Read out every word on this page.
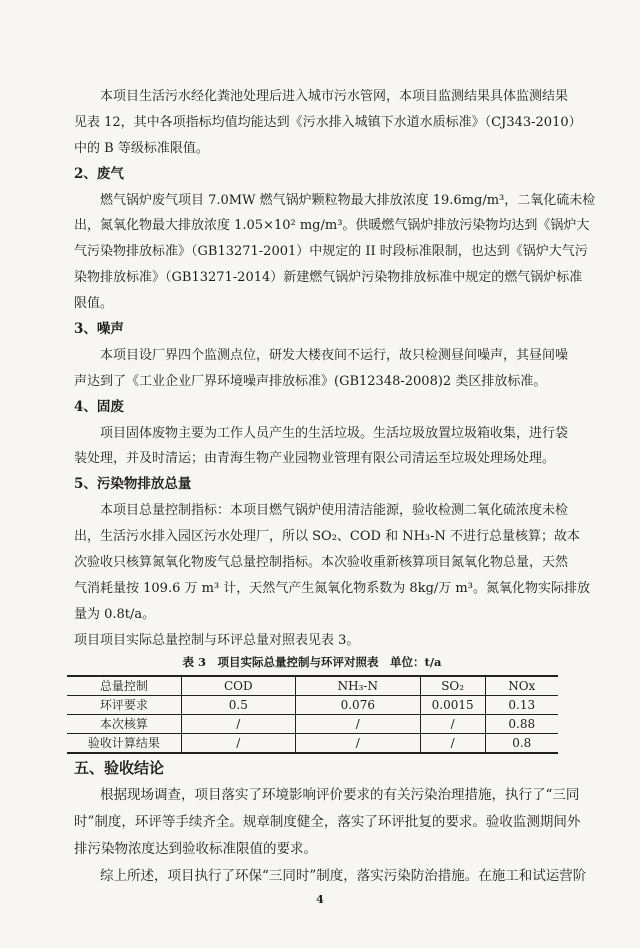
本项目生活污水经化粪池处理后进入城市污水管网，本项目监测结果具体监测结果
见表 12，其中各项指标均值均能达到《污水排入城镇下水道水质标准》（CJ343-2010）
中的 B 等级标准限值。
2、废气
燃气锅炉废气项目 7.0MW 燃气锅炉颗粒物最大排放浓度 19.6mg/m³，二氧化硫未检
出，氮氧化物最大排放浓度 1.05×10² mg/m³。供暖燃气锅炉排放污染物均达到《锅炉大
气污染物排放标准》（GB13271-2001）中规定的 II 时段标准限制，也达到《锅炉大气污
染物排放标准》（GB13271-2014）新建燃气锅炉污染物排放标准中规定的燃气锅炉标准
限值。
3、噪声
本项目设厂界四个监测点位，研发大楼夜间不运行，故只检测昼间噪声，其昼间噪
声达到了《工业企业厂界环境噪声排放标准》(GB12348-2008)2 类区排放标准。
4、固废
项目固体废物主要为工作人员产生的生活垃圾。生活垃圾放置垃圾箱收集，进行袋
装处理，并及时清运；由青海生物产业园物业管理有限公司清运至垃圾处理场处理。
5、污染物排放总量
本项目总量控制指标：本项目燃气锅炉使用清洁能源，验收检测二氧化硫浓度未检
出，生活污水排入园区污水处理厂，所以 SO₂、COD 和 NH₃-N 不进行总量核算；故本
次验收只核算氮氧化物废气总量控制指标。本次验收重新核算项目氮氧化物总量，天然
气消耗量按 109.6 万 m³ 计，天然气产生氮氧化物系数为 8kg/万 m³。氮氧化物实际排放
量为 0.8t/a。
项目项目实际总量控制与环评总量对照表见表 3。
表 3　项目实际总量控制与环评对照表　单位：t/a
总量控制	COD	NH₃-N	SO₂	NOx
环评要求	0.5	0.076	0.0015	0.13
本次核算	/	/	/	0.88
验收计算结果	/	/	/	0.8
五、验收结论
根据现场调查，项目落实了环境影响评价要求的有关污染治理措施，执行了“三同
时”制度，环评等手续齐全。规章制度健全，落实了环评批复的要求。验收监测期间外
排污染物浓度达到验收标准限值的要求。
综上所述，项目执行了环保“三同时”制度，落实污染防治措施。在施工和试运营阶
4
